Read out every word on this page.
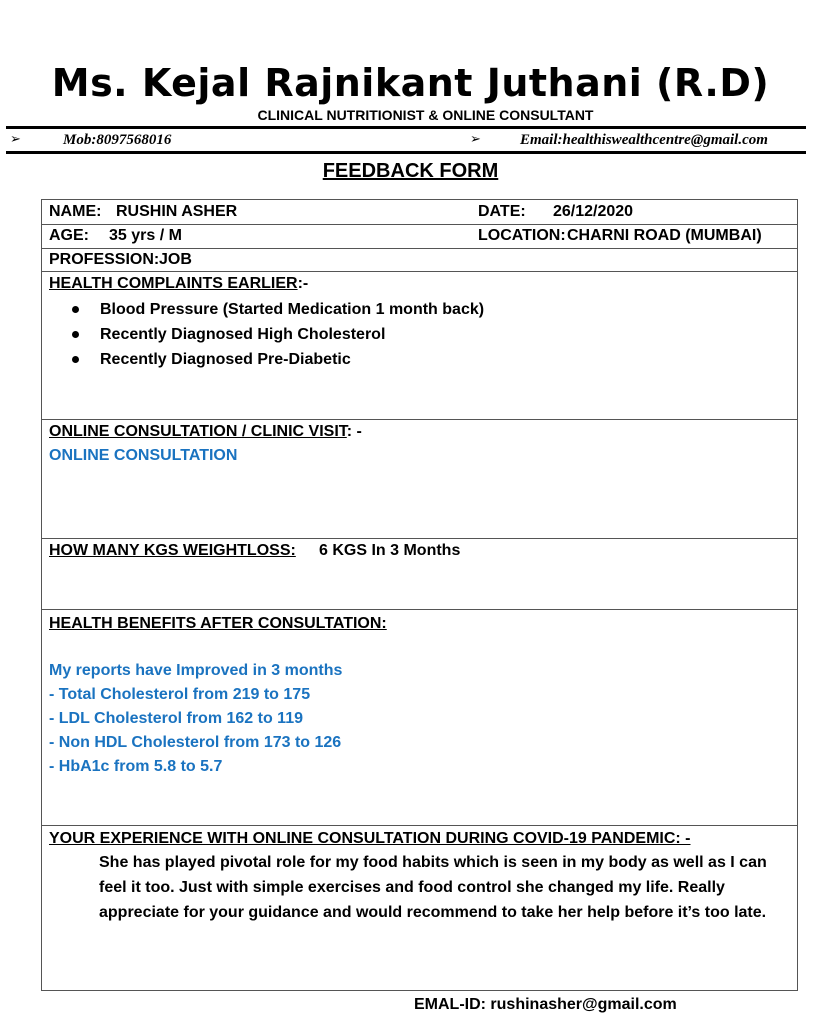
Ms. Kejal Rajnikant Juthani (R.D)
CLINICAL NUTRITIONIST & ONLINE CONSULTANT
➢	Mob:8097568016	➢	Email:healthiswealthcentre@gmail.com
FEEDBACK FORM
NAME: RUSHIN ASHER	DATE: 26/12/2020
AGE: 35 yrs / M	LOCATION: CHARNI ROAD (MUMBAI)
PROFESSION: JOB
HEALTH COMPLAINTS EARLIER:-
Blood Pressure (Started Medication 1 month back)
Recently Diagnosed High Cholesterol
Recently Diagnosed Pre-Diabetic
ONLINE CONSULTATION / CLINIC VISIT: -
ONLINE CONSULTATION
HOW MANY KGS WEIGHTLOSS: 6 KGS In 3 Months
HEALTH BENEFITS AFTER CONSULTATION:
My reports have Improved in 3 months
- Total Cholesterol from 219 to 175
- LDL Cholesterol from 162 to 119
- Non HDL Cholesterol from 173 to 126
- HbA1c from 5.8 to 5.7
YOUR EXPERIENCE WITH ONLINE CONSULTATION DURING COVID-19 PANDEMIC: -
She has played pivotal role for my food habits which is seen in my body as well as I can feel it too. Just with simple exercises and food control she changed my life. Really appreciate for your guidance and would recommend to take her help before it’s too late.
EMAL-ID: rushinasher@gmail.com
